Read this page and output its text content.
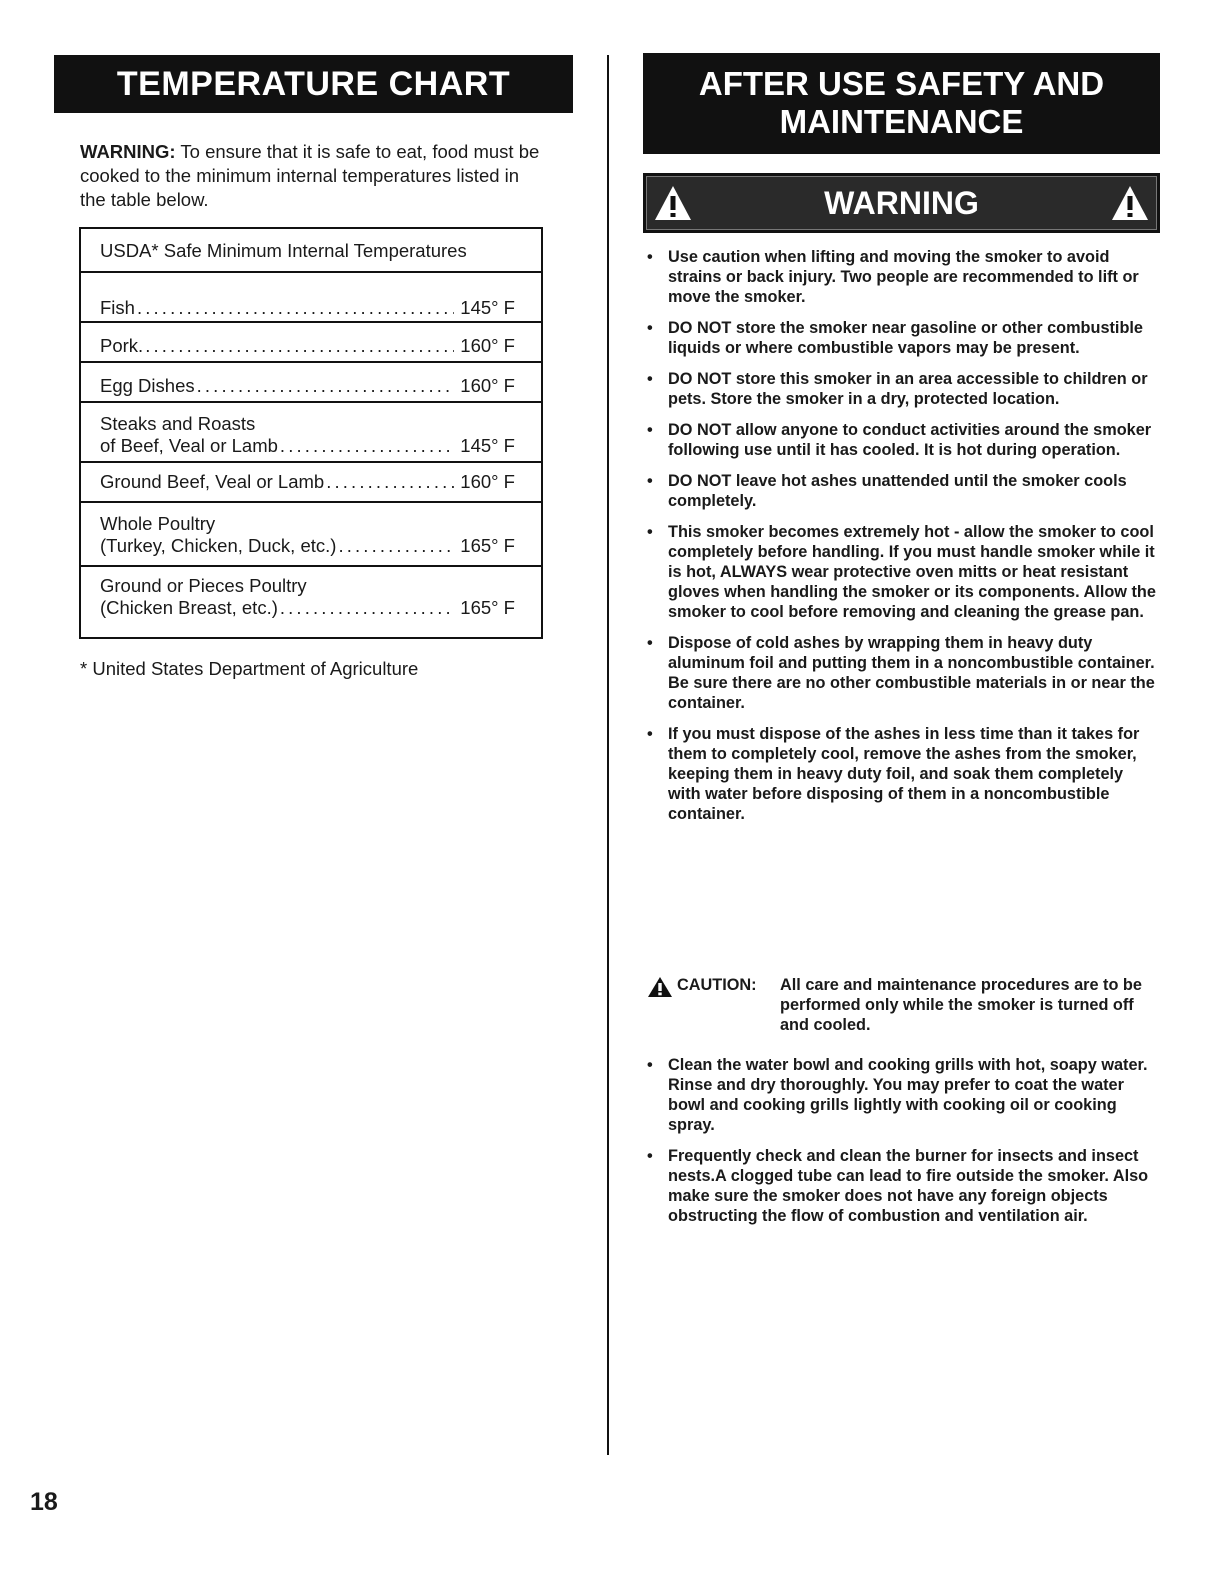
TEMPERATURE CHART
WARNING: To ensure that it is safe to eat, food must be cooked to the minimum internal temperatures listed in the table below.
USDA* Safe Minimum Internal Temperatures
Fish . . .	145° F
Pork. . . .	160° F
Egg Dishes . . .	160° F
Steaks and Roasts
of Beef, Veal or Lamb . . .	145° F
Ground Beef, Veal or Lamb . . .	160° F
Whole Poultry
(Turkey, Chicken, Duck, etc.) . . .	165° F
Ground or Pieces Poultry
(Chicken Breast, etc.) . . .	165° F
* United States Department of Agriculture
AFTER USE SAFETY AND
MAINTENANCE
WARNING
• Use caution when lifting and moving the smoker to avoid strains or back injury. Two people are recommended to lift or move the smoker.
• DO NOT store the smoker near gasoline or other combustible liquids or where combustible vapors may be present.
• DO NOT store this smoker in an area accessible to children or pets. Store the smoker in a dry, protected location.
• DO NOT allow anyone to conduct activities around the smoker following use until it has cooled. It is hot during operation.
• DO NOT leave hot ashes unattended until the smoker cools completely.
• This smoker becomes extremely hot - allow the smoker to cool completely before handling. If you must handle smoker while it is hot, ALWAYS wear protective oven mitts or heat resistant gloves when handling the smoker or its components. Allow the smoker to cool before removing and cleaning the grease pan.
• Dispose of cold ashes by wrapping them in heavy duty aluminum foil and putting them in a noncombustible container. Be sure there are no other combustible materials in or near the container.
• If you must dispose of the ashes in less time than it takes for them to completely cool, remove the ashes from the smoker, keeping them in heavy duty foil, and soak them completely with water before disposing of them in a noncombustible container.
CAUTION: All care and maintenance procedures are to be performed only while the smoker is turned off and cooled.
• Clean the water bowl and cooking grills with hot, soapy water. Rinse and dry thoroughly. You may prefer to coat the water bowl and cooking grills lightly with cooking oil or cooking spray.
• Frequently check and clean the burner for insects and insect nests.A clogged tube can lead to fire outside the smoker. Also make sure the smoker does not have any foreign objects obstructing the flow of combustion and ventilation air.
18
